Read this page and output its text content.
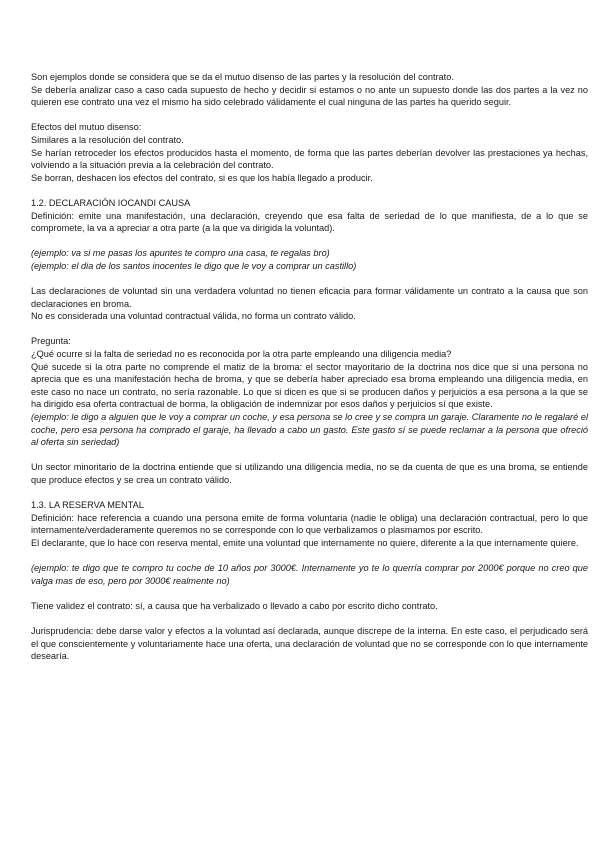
Son ejemplos donde se considera que se da el mutuo disenso de las partes y la resolución del contrato.

Se debería analizar caso a caso cada supuesto de hecho y decidir si estamos o no ante un supuesto donde las dos partes a la vez no quieren ese contrato una vez el mismo ha sido celebrado válidamente el cual ninguna de las partes ha querido seguir.

Efectos del mutuo disenso:

Similares a la resolución del contrato.

Se harían retroceder los efectos producidos hasta el momento, de forma que las partes deberían devolver las prestaciones ya hechas, volviendo a la situación previa a la celebración del contrato.

Se borran, deshacen los efectos del contrato, si es que los había llegado a producir.

1.2. DECLARACIÓN IOCANDI CAUSA

Definición: emite una manifestación, una declaración, creyendo que esa falta de seriedad de lo que manifiesta, de a lo que se compromete, la va a apreciar a otra parte (a la que va dirigida la voluntad).

(ejemplo: va si me pasas los apuntes te compro una casa, te regalas bro)

(ejemplo: el dia de los santos inocentes le digo que le voy a comprar un castillo)

Las declaraciones de voluntad sin una verdadera voluntad no tienen eficacia para formar válidamente un contrato a la causa que son declaraciones en broma.

No es considerada una voluntad contractual válida, no forma un contrato válido.

Pregunta:

¿Qué ocurre si la falta de seriedad no es reconocida por la otra parte empleando una diligencia media?

Qué sucede si la otra parte no comprende el matiz de la broma: el sector mayoritario de la doctrina nos dice que si una persona no aprecia que es una manifestación hecha de broma, y que se debería haber apreciado esa broma empleando una diligencia media, en este caso no nace un contrato, no sería razonable. Lo que si dicen es que si se producen daños y perjuicios a esa persona a la que se ha dirigido esa oferta contractual de borma, la obligación de indemnizar por esos daños y perjuicios sí que existe.

(ejemplo: le digo a alguien que le voy a comprar un coche, y esa persona se lo cree y se compra un garaje. Claramente no le regalaré el coche, pero esa persona ha comprado el garaje, ha llevado a cabo un gasto. Este gasto sí se puede reclamar a la persona que ofreció al oferta sin seriedad)

Un sector minoritario de la doctrina entiende que si utilizando una diligencia media, no se da cuenta de que es una broma, se entiende que produce efectos y se crea un contrato válido.

1.3. LA RESERVA MENTAL

Definición: hace referencia a cuando una persona emite de forma voluntaria (nadie le obliga) una declaración contractual, pero lo que internamente/verdaderamente queremos no se corresponde con lo que verbalizamos o plasmamos por escrito.

El declarante, que lo hace con reserva mental, emite una voluntad que internamente no quiere, diferente a la que internamente quiere.

(ejemplo: te digo que te compro tu coche de 10 años por 3000€. Internamente yo te lo querría comprar por 2000€ porque no creo que valga mas de eso, pero por 3000€ realmente no)

Tiene validez el contrato: sí, a causa que ha verbalizado o llevado a cabo por escrito dicho contrato.

Jurisprudencia: debe darse valor y efectos a la voluntad así declarada, aunque discrepe de la interna. En este caso, el perjudicado será el que conscientemente y voluntariamente hace una oferta, una declaración de voluntad que no se corresponde con lo que internamente desearía.
